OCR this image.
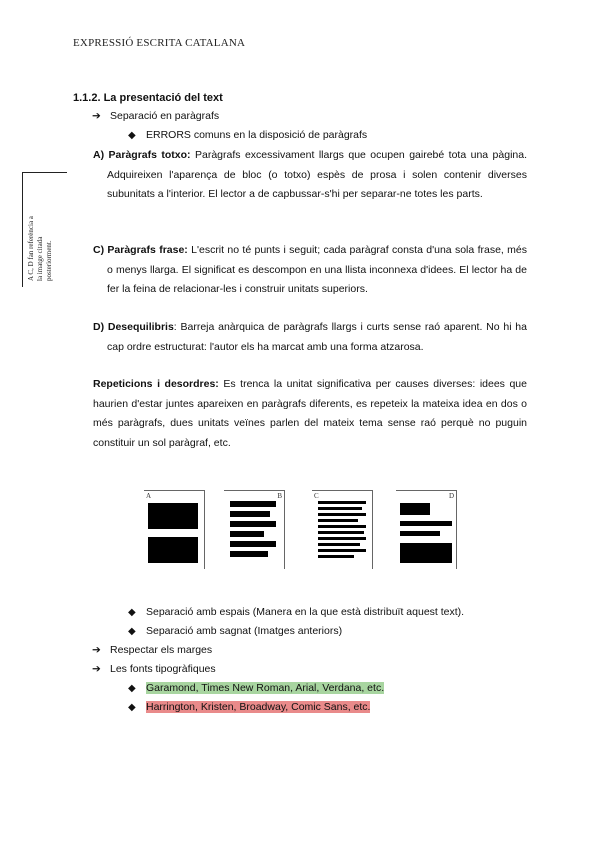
EXPRESSIÓ ESCRITA CATALANA
A C, D fan referència a la imatge citada posteriorment.
1.1.2. La presentació del text
➔ Separació en paràgrafs
◆ ERRORS comuns en la disposició de paràgrafs
A) Paràgrafs totxo: Paràgrafs excessivament llargs que ocupen gairebé tota una pàgina. Adquireixen l'aparença de bloc (o totxo) espès de prosa i solen contenir diverses subunitats a l'interior. El lector a de capbussar-s'hi per separar-ne totes les parts.
C) Paràgrafs frase: L'escrit no té punts i seguit; cada paràgraf consta d'una sola frase, més o menys llarga. El significat es descompon en una llista inconnexa d'idees. El lector ha de fer la feina de relacionar-les i construir unitats superiors.
D) Desequilibris: Barreja anàrquica de paràgrafs llargs i curts sense raó aparent. No hi ha cap ordre estructurat: l'autor els ha marcat amb una forma atzarosa.
Repeticions i desordres: Es trenca la unitat significativa per causes diverses: idees que haurien d'estar juntes apareixen en paràgrafs diferents, es repeteix la mateixa idea en dos o més paràgrafs, dues unitats veïnes parlen del mateix tema sense raó perquè no puguin constituir un sol paràgraf, etc.
A	B	C	D
◆ Separació amb espais (Manera en la que està distribuït aquest text).
◆ Separació amb sagnat (Imatges anteriors)
➔ Respectar els marges
➔ Les fonts tipogràfiques
◆ Garamond, Times New Roman, Arial, Verdana, etc.
◆ Harrington, Kristen, Broadway, Comic Sans, etc.
